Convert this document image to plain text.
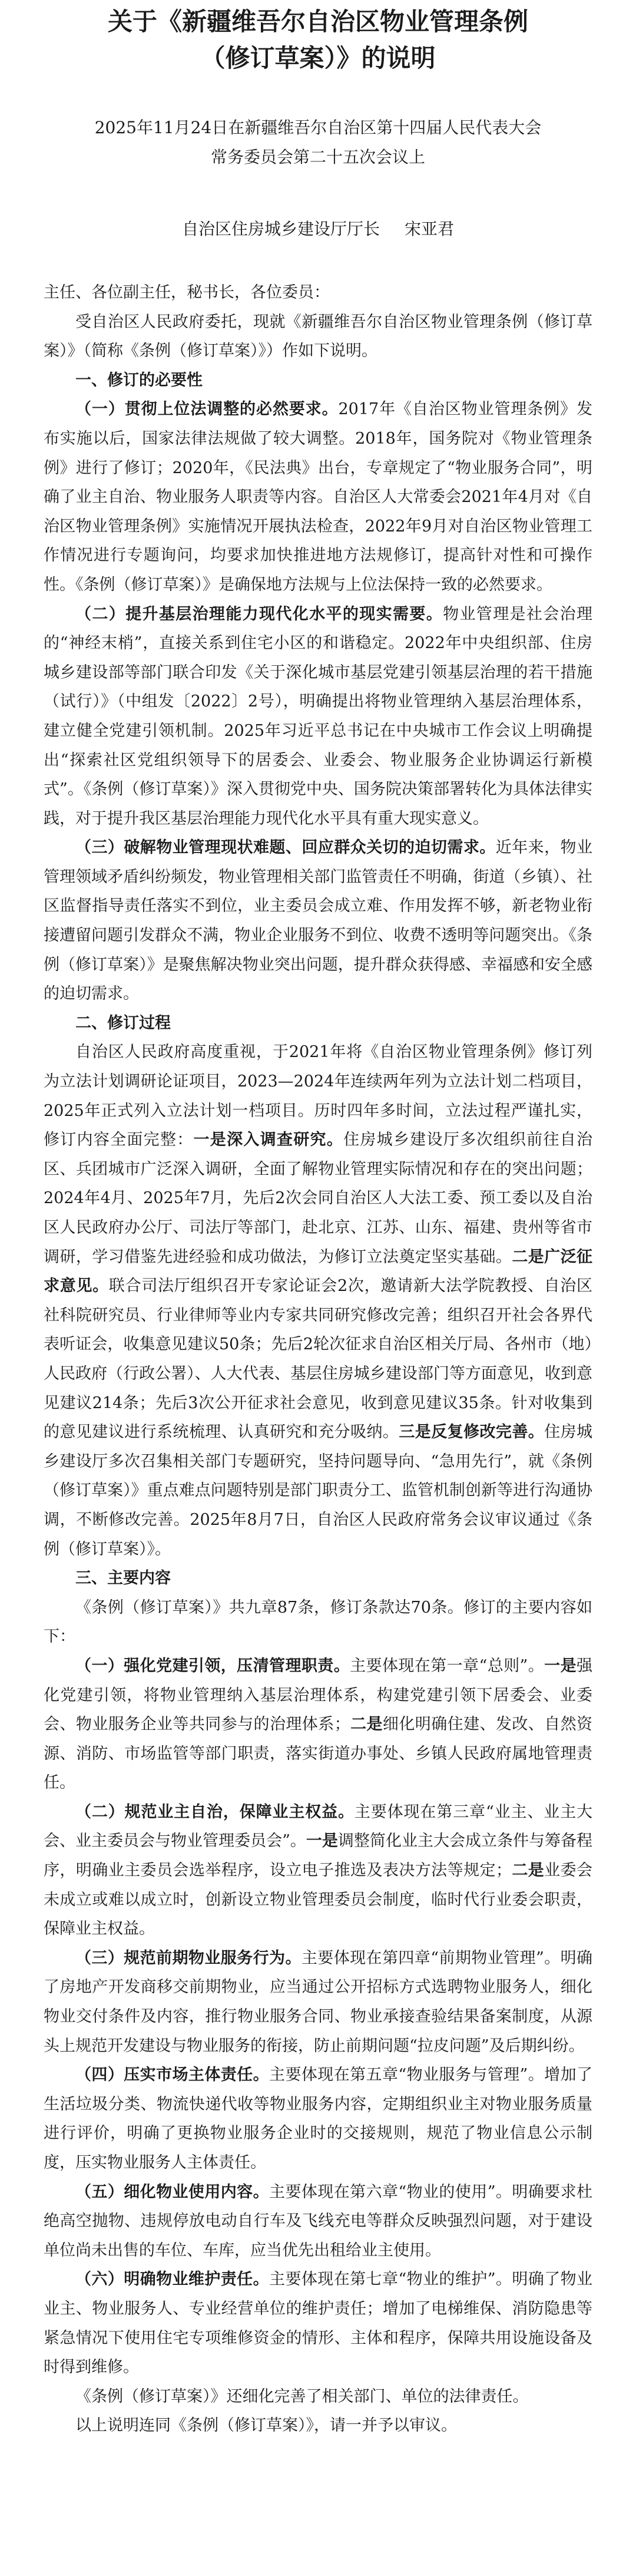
关于《新疆维吾尔自治区物业管理条例
（修订草案）》的说明
2025年11月24日在新疆维吾尔自治区第十四届人民代表大会
常务委员会第二十五次会议上
自治区住房城乡建设厅厅长 宋亚君

主任、各位副主任，秘书长，各位委员：

受自治区人民政府委托，现就《新疆维吾尔自治区物业管理条例（修订草案）》（简称《条例（修订草案）》）作如下说明。

一、修订的必要性

（一）贯彻上位法调整的必然要求。2017年《自治区物业管理条例》发布实施以后，国家法律法规做了较大调整。2018年，国务院对《物业管理条例》进行了修订；2020年，《民法典》出台，专章规定了“物业服务合同”，明确了业主自治、物业服务人职责等内容。自治区人大常委会2021年4月对《自治区物业管理条例》实施情况开展执法检查，2022年9月对自治区物业管理工作情况进行专题询问，均要求加快推进地方法规修订，提高针对性和可操作性。《条例（修订草案）》是确保地方法规与上位法保持一致的必然要求。

（二）提升基层治理能力现代化水平的现实需要。物业管理是社会治理的“神经末梢”，直接关系到住宅小区的和谐稳定。2022年中央组织部、住房城乡建设部等部门联合印发《关于深化城市基层党建引领基层治理的若干措施（试行）》（中组发〔2022〕2号），明确提出将物业管理纳入基层治理体系，建立健全党建引领机制。2025年习近平总书记在中央城市工作会议上明确提出“探索社区党组织领导下的居委会、业委会、物业服务企业协调运行新模式”。《条例（修订草案）》深入贯彻党中央、国务院决策部署转化为具体法律实践，对于提升我区基层治理能力现代化水平具有重大现实意义。

（三）破解物业管理现状难题、回应群众关切的迫切需求。近年来，物业管理领域矛盾纠纷频发，物业管理相关部门监管责任不明确，街道（乡镇）、社区监督指导责任落实不到位，业主委员会成立难、作用发挥不够，新老物业衔接遭留问题引发群众不满，物业企业服务不到位、收费不透明等问题突出。《条例（修订草案）》是聚焦解决物业突出问题，提升群众获得感、幸福感和安全感的迫切需求。

二、修订过程

自治区人民政府高度重视，于2021年将《自治区物业管理条例》修订列为立法计划调研论证项目，2023—2024年连续两年列为立法计划二档项目，2025年正式列入立法计划一档项目。历时四年多时间，立法过程严谨扎实，修订内容全面完整：一是深入调查研究。住房城乡建设厅多次组织前往自治区、兵团城市广泛深入调研，全面了解物业管理实际情况和存在的突出问题；2024年4月、2025年7月，先后2次会同自治区人大法工委、预工委以及自治区人民政府办公厅、司法厅等部门，赴北京、江苏、山东、福建、贵州等省市调研，学习借鉴先进经验和成功做法，为修订立法奠定坚实基础。二是广泛征求意见。联合司法厅组织召开专家论证会2次，邀请新大法学院教授、自治区社科院研究员、行业律师等业内专家共同研究修改完善；组织召开社会各界代表听证会，收集意见建议50条；先后2轮次征求自治区相关厅局、各州市（地）人民政府（行政公署）、人大代表、基层住房城乡建设部门等方面意见，收到意见建议214条；先后3次公开征求社会意见，收到意见建议35条。针对收集到的意见建议进行系统梳理、认真研究和充分吸纳。三是反复修改完善。住房城乡建设厅多次召集相关部门专题研究，坚持问题导向、“急用先行”，就《条例（修订草案）》重点难点问题特别是部门职责分工、监管机制创新等进行沟通协调，不断修改完善。2025年8月7日，自治区人民政府常务会议审议通过《条例（修订草案）》。

三、主要内容

《条例（修订草案）》共九章87条，修订条款达70条。修订的主要内容如下：

（一）强化党建引领，压清管理职责。主要体现在第一章“总则”。一是强化党建引领，将物业管理纳入基层治理体系，构建党建引领下居委会、业委会、物业服务企业等共同参与的治理体系；二是细化明确住建、发改、自然资源、消防、市场监管等部门职责，落实街道办事处、乡镇人民政府属地管理责任。

（二）规范业主自治，保障业主权益。主要体现在第三章“业主、业主大会、业主委员会与物业管理委员会”。一是调整简化业主大会成立条件与筹备程序，明确业主委员会选举程序，设立电子推选及表决方法等规定；二是业委会未成立或难以成立时，创新设立物业管理委员会制度，临时代行业委会职责，保障业主权益。

（三）规范前期物业服务行为。主要体现在第四章“前期物业管理”。明确了房地产开发商移交前期物业，应当通过公开招标方式选聘物业服务人，细化物业交付条件及内容，推行物业服务合同、物业承接查验结果备案制度，从源头上规范开发建设与物业服务的衔接，防止前期问题“拉皮问题”及后期纠纷。

（四）压实市场主体责任。主要体现在第五章“物业服务与管理”。增加了生活垃圾分类、物流快递代收等物业服务内容，定期组织业主对物业服务质量进行评价，明确了更换物业服务企业时的交接规则，规范了物业信息公示制度，压实物业服务人主体责任。

（五）细化物业使用内容。主要体现在第六章“物业的使用”。明确要求杜绝高空抛物、违规停放电动自行车及飞线充电等群众反映强烈问题，对于建设单位尚未出售的车位、车库，应当优先出租给业主使用。

（六）明确物业维护责任。主要体现在第七章“物业的维护”。明确了物业业主、物业服务人、专业经营单位的维护责任；增加了电梯维保、消防隐患等紧急情况下使用住宅专项维修资金的情形、主体和程序，保障共用设施设备及时得到维修。

《条例（修订草案）》还细化完善了相关部门、单位的法律责任。

以上说明连同《条例（修订草案）》，请一并予以审议。
